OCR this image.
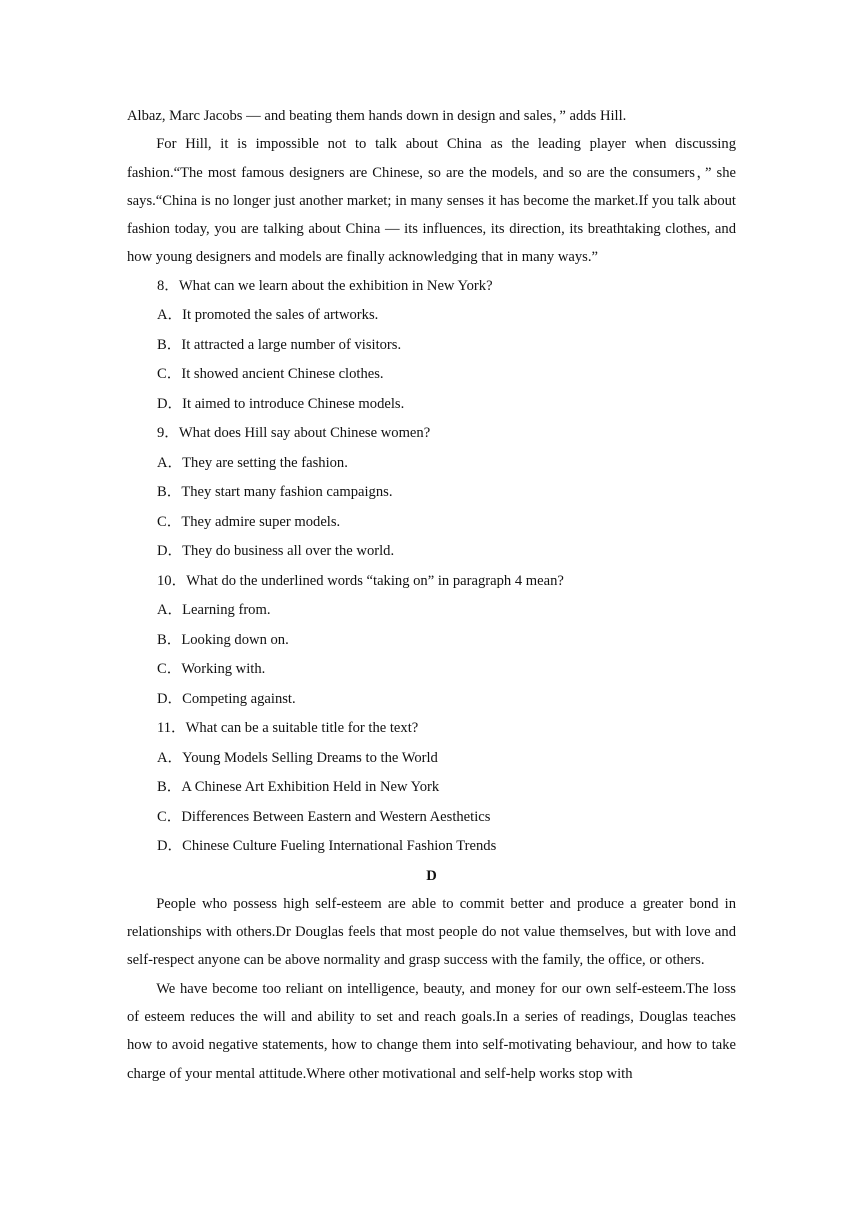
Albaz, Marc Jacobs — and beating them hands down in design and sales，” adds Hill.

For Hill, it is impossible not to talk about China as the leading player when discussing fashion.“The most famous designers are Chinese, so are the models, and so are the consumers，” she says.“China is no longer just another market; in many senses it has become the market.If you talk about fashion today, you are talking about China — its influences, its direction, its breathtaking clothes, and how young designers and models are finally acknowledging that in many ways.”

8．What can we learn about the exhibition in New York?

A．It promoted the sales of artworks.

B．It attracted a large number of visitors.

C．It showed ancient Chinese clothes.

D．It aimed to introduce Chinese models.

9．What does Hill say about Chinese women?

A．They are setting the fashion.

B．They start many fashion campaigns.

C．They admire super models.

D．They do business all over the world.

10．What do the underlined words “taking on” in paragraph 4 mean?

A．Learning from.

B．Looking down on.

C．Working with.

D．Competing against.

11．What can be a suitable title for the text?

A．Young Models Selling Dreams to the World

B．A Chinese Art Exhibition Held in New York

C．Differences Between Eastern and Western Aesthetics

D．Chinese Culture Fueling International Fashion Trends

D

People who possess high self-esteem are able to commit better and produce a greater bond in relationships with others.Dr Douglas feels that most people do not value themselves, but with love and self-respect anyone can be above normality and grasp success with the family, the office, or others.

We have become too reliant on intelligence, beauty, and money for our own self-esteem.The loss of esteem reduces the will and ability to set and reach goals.In a series of readings, Douglas teaches how to avoid negative statements, how to change them into self-motivating behaviour, and how to take charge of your mental attitude.Where other motivational and self-help works stop with
